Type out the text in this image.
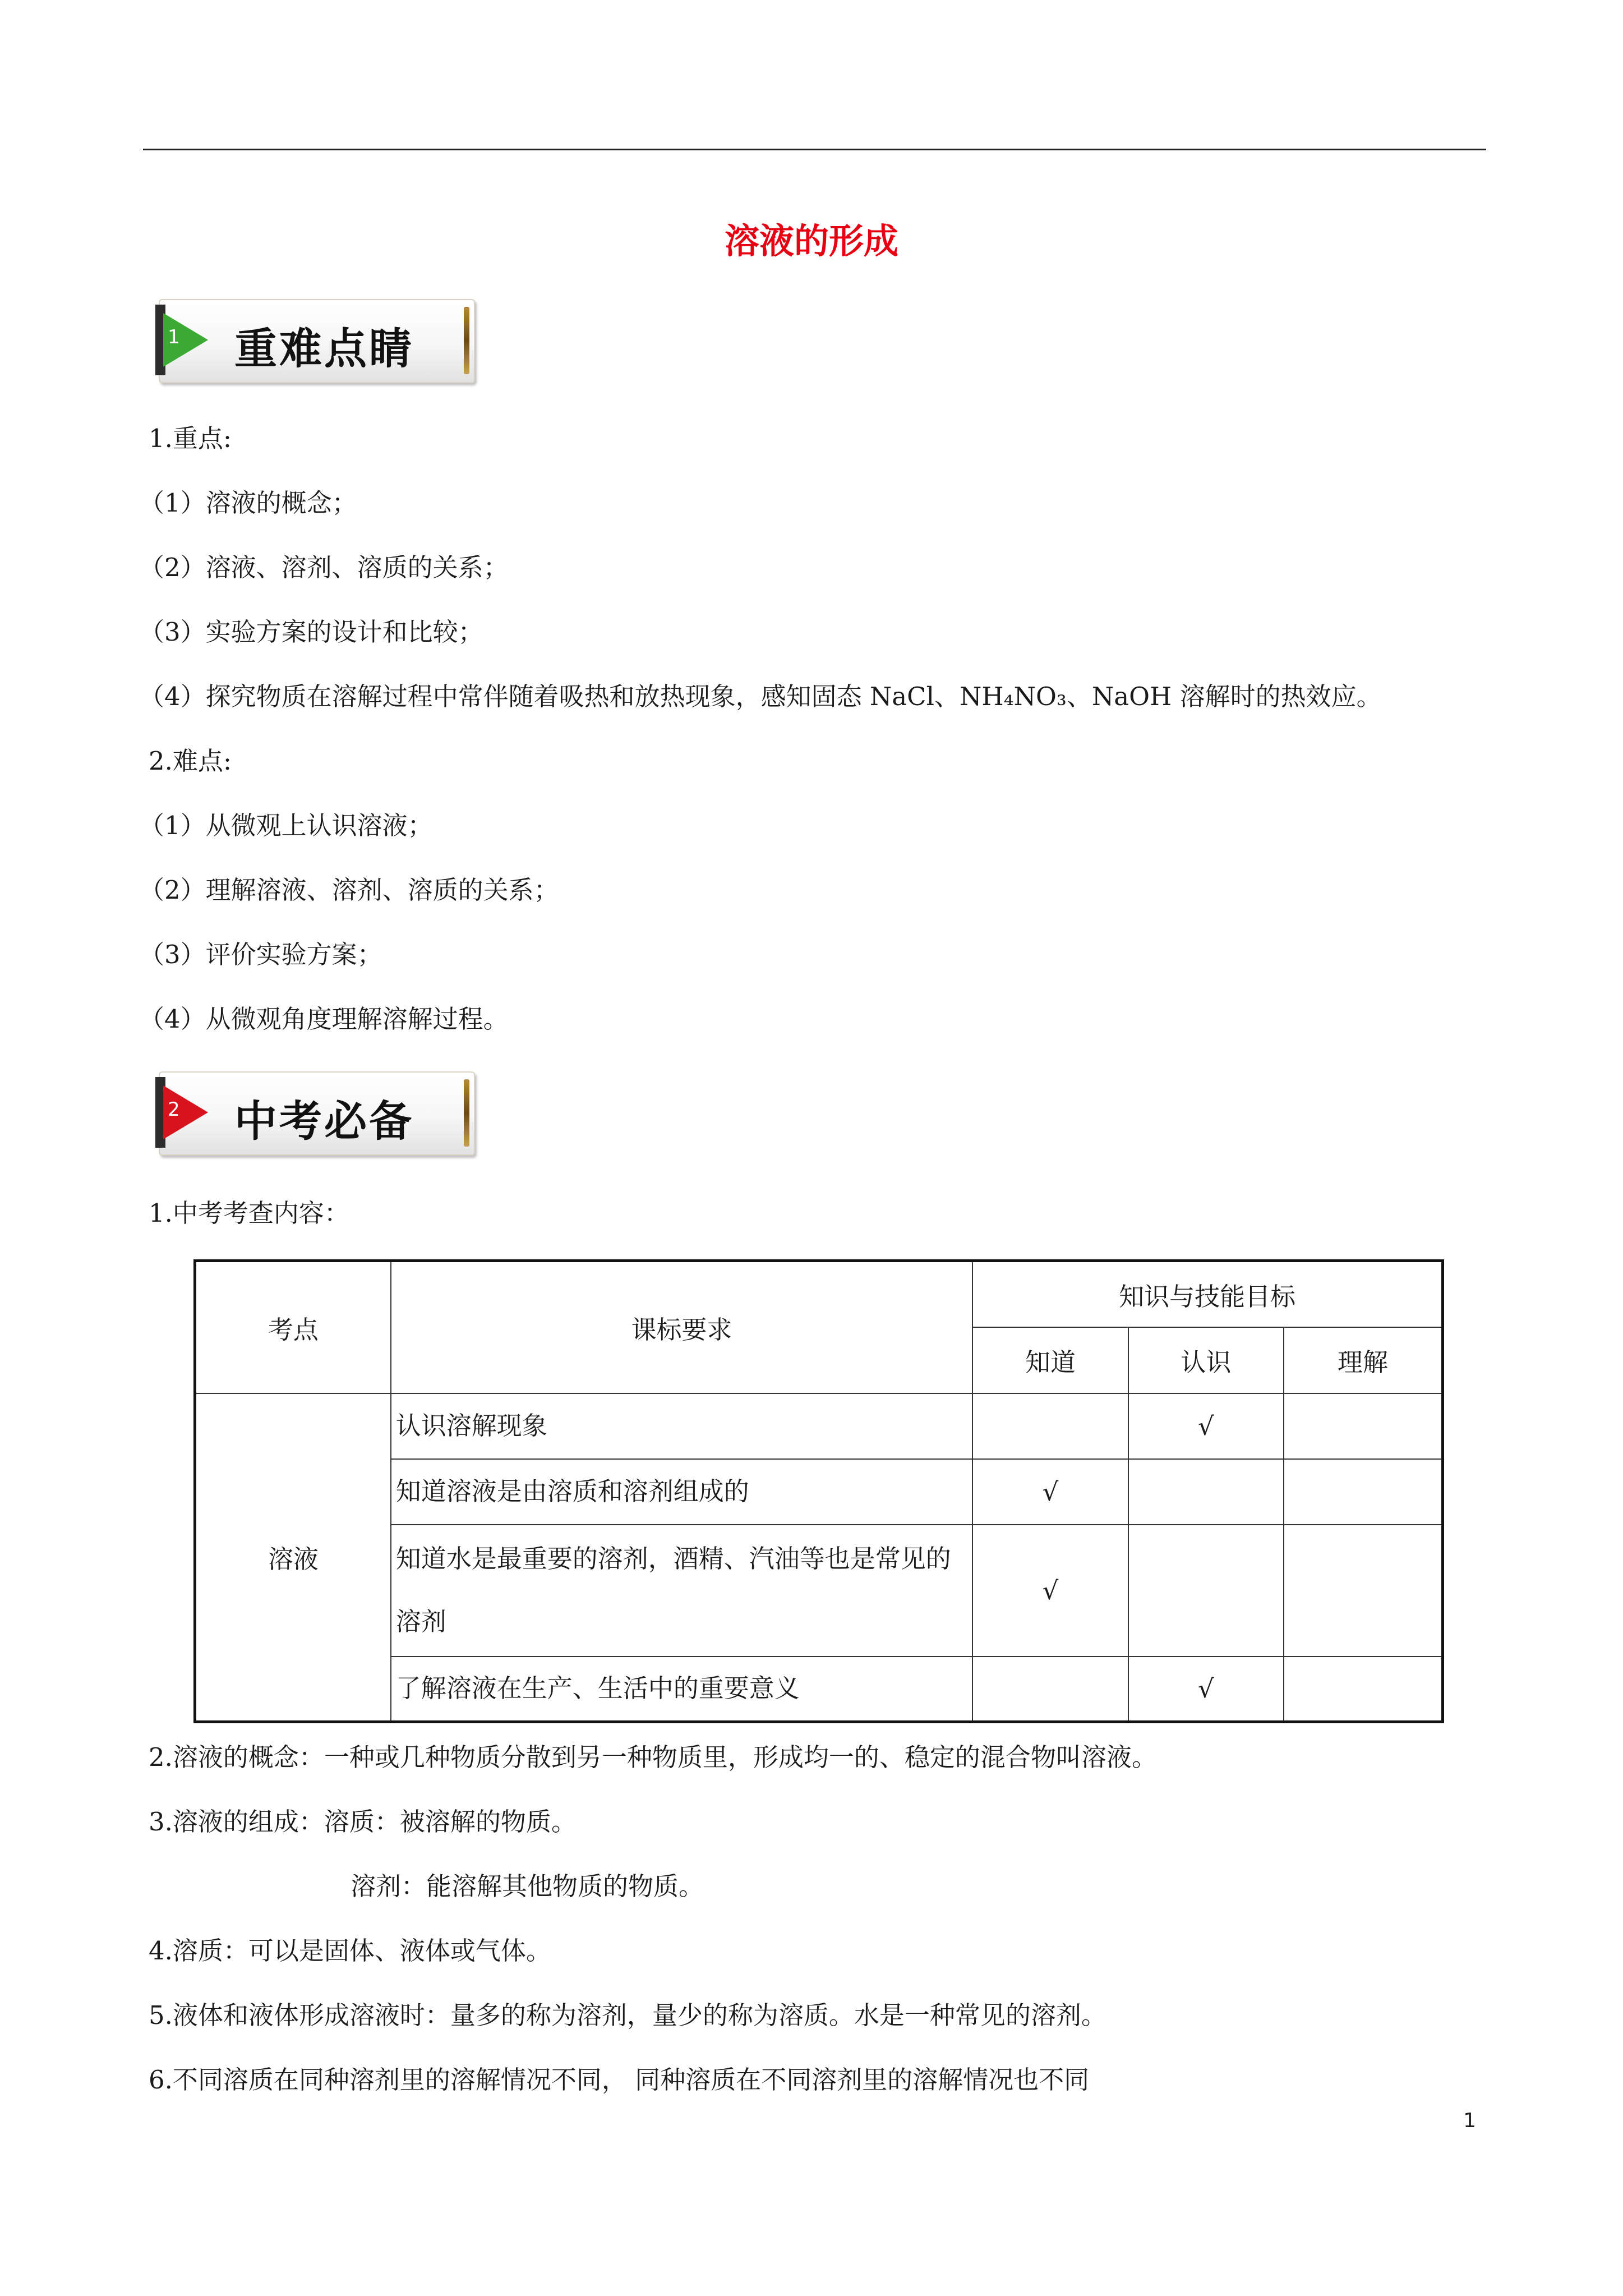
溶液的形成
1 重难点睛
1.重点:
（1）溶液的概念；
（2）溶液、溶剂、溶质的关系；
（3）实验方案的设计和比较；
（4）探究物质在溶解过程中常伴随着吸热和放热现象，感知固态 NaCl、NH₄NO₃、NaOH 溶解时的热效应。
2.难点:
（1）从微观上认识溶液；
（2）理解溶液、溶剂、溶质的关系；
（3）评价实验方案；
（4）从微观角度理解溶解过程。
2 中考必备
1.中考考查内容：
考点	课标要求	知识与技能目标		
		知道	认识	理解
溶液	认识溶解现象		√	
	知道溶液是由溶质和溶剂组成的	√		
	知道水是最重要的溶剂，酒精、汽油等也是常见的溶剂	√		
	了解溶液在生产、生活中的重要意义		√	
2.溶液的概念：一种或几种物质分散到另一种物质里，形成均一的、稳定的混合物叫溶液。
3.溶液的组成：溶质：被溶解的物质。
溶剂：能溶解其他物质的物质。
4.溶质：可以是固体、液体或气体。
5.液体和液体形成溶液时：量多的称为溶剂，量少的称为溶质。水是一种常见的溶剂。
6.不同溶质在同种溶剂里的溶解情况不同， 同种溶质在不同溶剂里的溶解情况也不同
1
